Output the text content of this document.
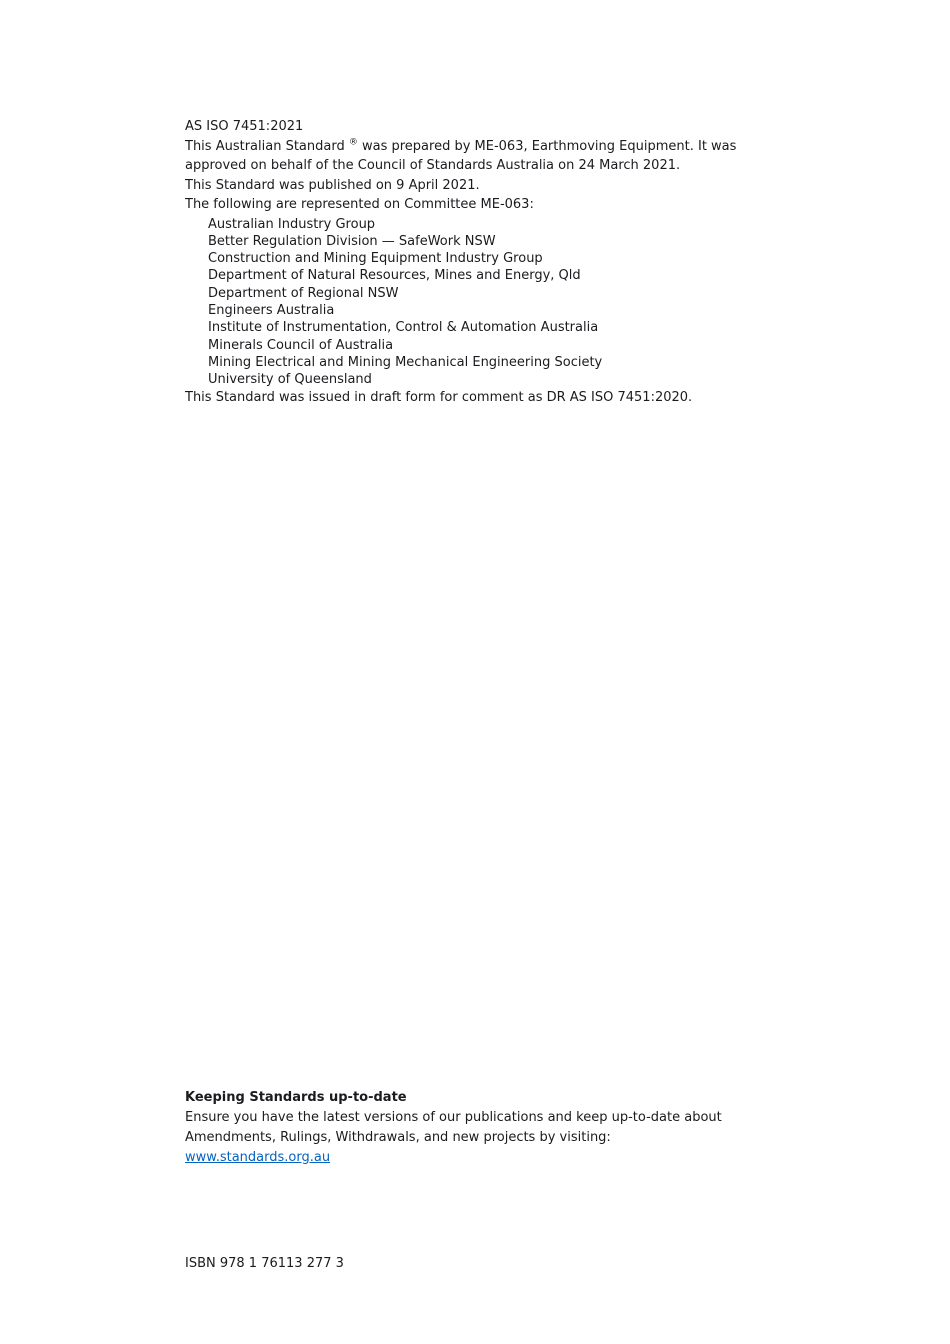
AS ISO 7451:2021

This Australian Standard ® was prepared by ME-063, Earthmoving Equipment. It was approved on behalf of the Council of Standards Australia on 24 March 2021.

This Standard was published on 9 April 2021.

The following are represented on Committee ME-063:

Australian Industry Group
Better Regulation Division — SafeWork NSW
Construction and Mining Equipment Industry Group
Department of Natural Resources, Mines and Energy, Qld
Department of Regional NSW
Engineers Australia
Institute of Instrumentation, Control & Automation Australia
Minerals Council of Australia
Mining Electrical and Mining Mechanical Engineering Society
University of Queensland

This Standard was issued in draft form for comment as DR AS ISO 7451:2020.

Keeping Standards up-to-date

Ensure you have the latest versions of our publications and keep up-to-date about Amendments, Rulings, Withdrawals, and new projects by visiting:

www.standards.org.au

ISBN 978 1 76113 277 3
